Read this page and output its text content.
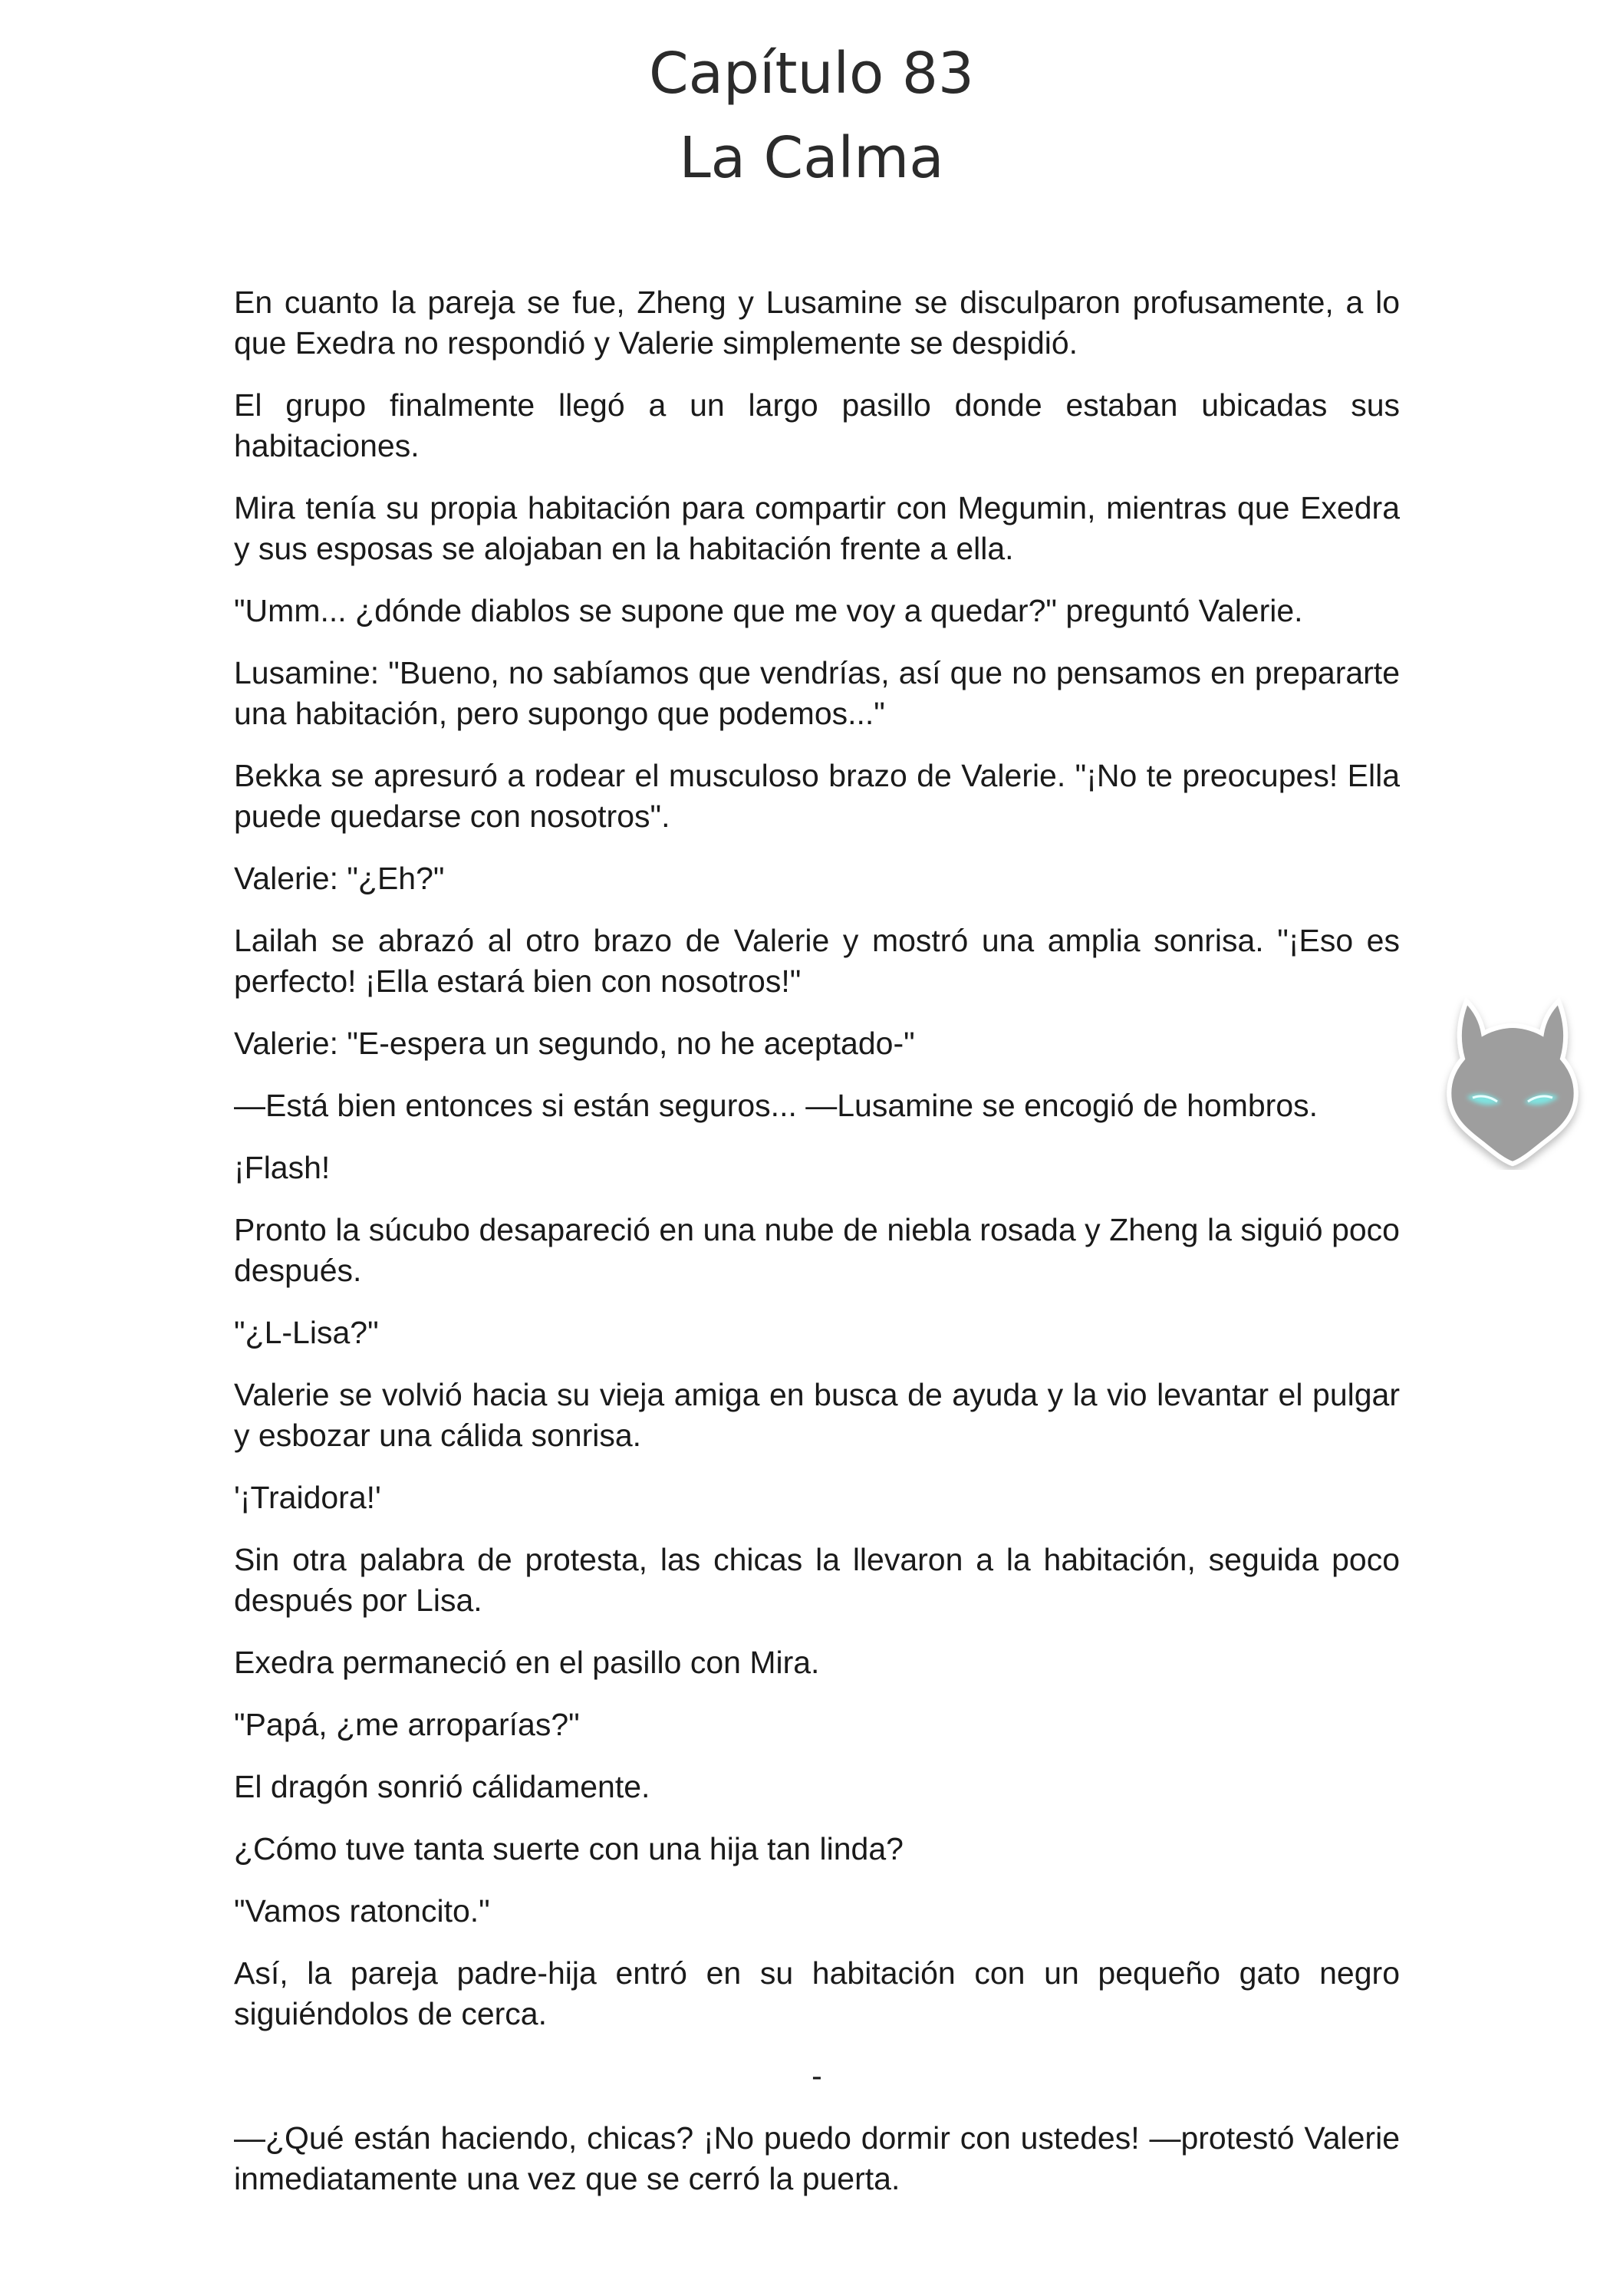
Capítulo 83
La Calma

En cuanto la pareja se fue, Zheng y Lusamine se disculparon profusamente, a lo que Exedra no respondió y Valerie simplemente se despidió.

El grupo finalmente llegó a un largo pasillo donde estaban ubicadas sus habitaciones.

Mira tenía su propia habitación para compartir con Megumin, mientras que Exedra y sus esposas se alojaban en la habitación frente a ella.

"Umm... ¿dónde diablos se supone que me voy a quedar?" preguntó Valerie.

Lusamine: "Bueno, no sabíamos que vendrías, así que no pensamos en prepararte una habitación, pero supongo que podemos..."

Bekka se apresuró a rodear el musculoso brazo de Valerie. "¡No te preocupes! Ella puede quedarse con nosotros".

Valerie: "¿Eh?"

Lailah se abrazó al otro brazo de Valerie y mostró una amplia sonrisa. "¡Eso es perfecto! ¡Ella estará bien con nosotros!"

Valerie: "E-espera un segundo, no he aceptado-"

—Está bien entonces si están seguros... —Lusamine se encogió de hombros.

¡Flash!

Pronto la súcubo desapareció en una nube de niebla rosada y Zheng la siguió poco después.

"¿L-Lisa?"

Valerie se volvió hacia su vieja amiga en busca de ayuda y la vio levantar el pulgar y esbozar una cálida sonrisa.

'¡Traidora!'

Sin otra palabra de protesta, las chicas la llevaron a la habitación, seguida poco después por Lisa.

Exedra permaneció en el pasillo con Mira.

"Papá, ¿me arroparías?"

El dragón sonrió cálidamente.

¿Cómo tuve tanta suerte con una hija tan linda?

"Vamos ratoncito."

Así, la pareja padre-hija entró en su habitación con un pequeño gato negro siguiéndolos de cerca.

-

—¿Qué están haciendo, chicas? ¡No puedo dormir con ustedes! —protestó Valerie inmediatamente una vez que se cerró la puerta.
